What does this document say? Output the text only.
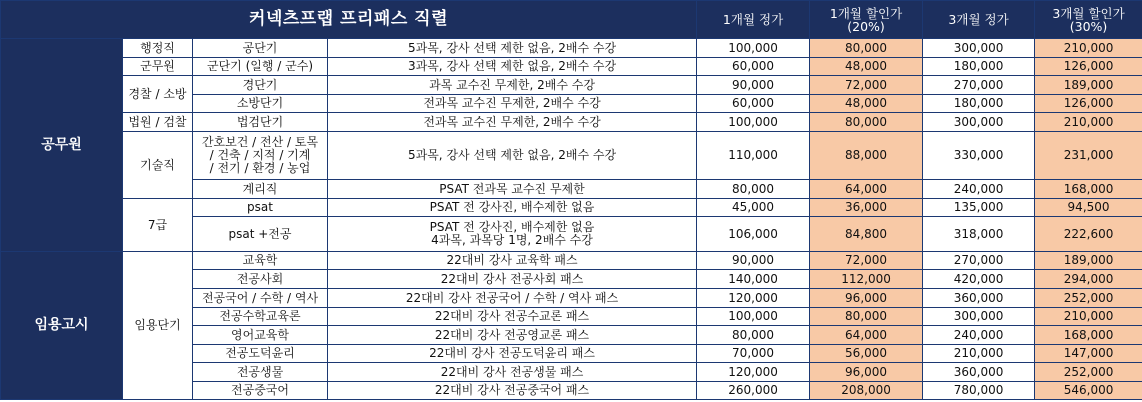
커넥츠프랩 프리패스 직렬				1개월 정가	1개월 할인가
(20%)	3개월 정가	3개월 할인가
(30%)
공무원	행정직	공단기	5과목, 강사 선택 제한 없음, 2배수 수강	100,000	80,000	300,000	210,000
	군무원	군단기 (일행 / 군수)	3과목, 강사 선택 제한 없음, 2배수 수강	60,000	48,000	180,000	126,000
	경찰 / 소방	경단기	과목 교수진 무제한, 2배수 수강	90,000	72,000	270,000	189,000
		소방단기	전과목 교수진 무제한, 2배수 수강	60,000	48,000	180,000	126,000
	법원 / 검찰	법검단기	전과목 교수진 무제한, 2배수 수강	100,000	80,000	300,000	210,000
	기술직	간호보건 / 전산 / 토목
/ 건축 / 지적 / 기계
/ 전기 / 환경 / 농업	5과목, 강사 선택 제한 없음, 2배수 수강	110,000	88,000	330,000	231,000
		계리직	PSAT 전과목 교수진 무제한	80,000	64,000	240,000	168,000
	7급	psat	PSAT 전 강사진, 배수제한 없음	45,000	36,000	135,000	94,500
		psat +전공	PSAT 전 강사진, 배수제한 없음
4과목, 과목당 1명, 2배수 수강	106,000	84,800	318,000	222,600
임용고시	임용단기	교육학	22대비 강사 교육학 패스	90,000	72,000	270,000	189,000
		전공사회	22대비 강사 전공사회 패스	140,000	112,000	420,000	294,000
		전공국어 / 수학 / 역사	22대비 강사 전공국어 / 수학 / 역사 패스	120,000	96,000	360,000	252,000
		전공수학교육론	22대비 강사 전공수교론 패스	100,000	80,000	300,000	210,000
		영어교육학	22대비 강사 전공영교론 패스	80,000	64,000	240,000	168,000
		전공도덕윤리	22대비 강사 전공도덕윤리 패스	70,000	56,000	210,000	147,000
		전공생물	22대비 강사 전공생물 패스	120,000	96,000	360,000	252,000
		전공중국어	22대비 강사 전공중국어 패스	260,000	208,000	780,000	546,000
